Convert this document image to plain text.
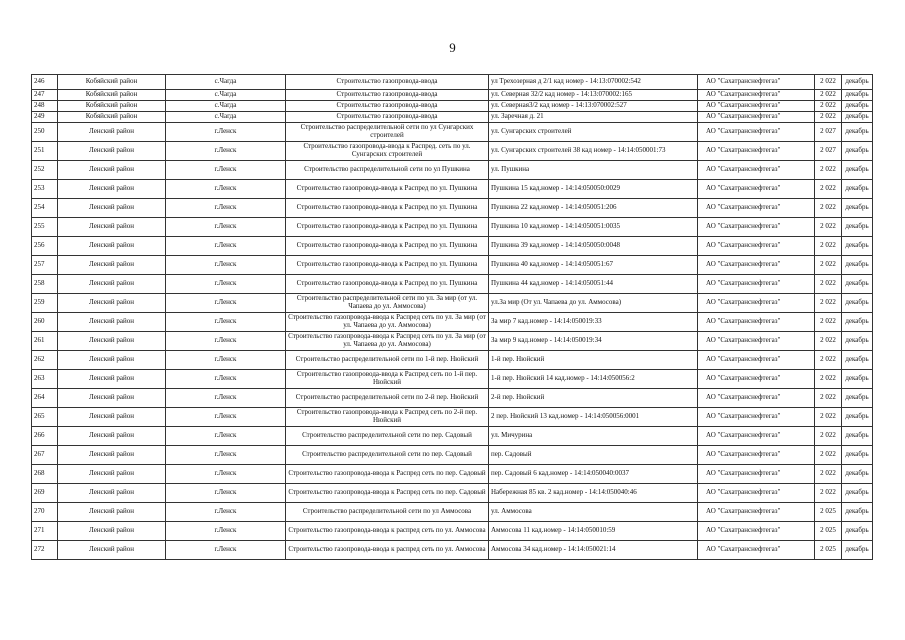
9
246	Кобяйский район	с.Чагда	Строительство газопровода-ввода	ул Трехозерная д 2/1 кад номер - 14:13:070002:542	АО "Сахатранснефтегаз"	2 022	декабрь
247	Кобяйский район	с.Чагда	Строительство газопровода-ввода	ул. Северная 32/2 кад номер - 14:13:070002:165	АО "Сахатранснефтегаз"	2 022	декабрь
248	Кобяйский район	с.Чагда	Строительство газопровода-ввода	ул. Северная3/2 кад номер - 14:13:070002:527	АО "Сахатранснефтегаз"	2 022	декабрь
249	Кобяйский район	с.Чагда	Строительство газопровода-ввода	ул. Заречная д. 21	АО "Сахатранснефтегаз"	2 022	декабрь
250	Ленский район	г.Ленск	Строительство распределительной сети по ул Сунгарских строителей	ул. Сунгарских строителей	АО "Сахатранснефтегаз"	2 027	декабрь
251	Ленский район	г.Ленск	Строительство газопровода-ввода к Распред. сеть по ул. Сунгарских строителей	ул. Сунгарских строителей 38 кад номер - 14:14:050001:73	АО "Сахатранснефтегаз"	2 027	декабрь
252	Ленский район	г.Ленск	Строительство распределительной сети по ул Пушкина	ул. Пушкина	АО "Сахатранснефтегаз"	2 022	декабрь
253	Ленский район	г.Ленск	Строительство газопровода-ввода к Распред по ул. Пушкина	Пушкина 15 кад.номер - 14:14:050050:0029	АО "Сахатранснефтегаз"	2 022	декабрь
254	Ленский район	г.Ленск	Строительство газопровода-ввода к Распред по ул. Пушкина	Пушкина 22 кад.номер - 14:14:050051:206	АО "Сахатранснефтегаз"	2 022	декабрь
255	Ленский район	г.Ленск	Строительство газопровода-ввода к Распред по ул. Пушкина	Пушкина 10 кад.номер - 14:14:050051:0035	АО "Сахатранснефтегаз"	2 022	декабрь
256	Ленский район	г.Ленск	Строительство газопровода-ввода к Распред по ул. Пушкина	Пушкина 39 кад.номер - 14:14:050050:0048	АО "Сахатранснефтегаз"	2 022	декабрь
257	Ленский район	г.Ленск	Строительство газопровода-ввода к Распред по ул. Пушкина	Пушкина 40 кад.номер - 14:14:050051:67	АО "Сахатранснефтегаз"	2 022	декабрь
258	Ленский район	г.Ленск	Строительство газопровода-ввода к Распред по ул. Пушкина	Пушкина 44 кад.номер - 14:14:050051:44	АО "Сахатранснефтегаз"	2 022	декабрь
259	Ленский район	г.Ленск	Строительство распределительной сети по ул. За мир (от ул. Чапаева до ул. Аммосова)	ул.За мир (От ул. Чапаева до ул. Аммосова)	АО "Сахатранснефтегаз"	2 022	декабрь
260	Ленский район	г.Ленск	Строительство газопровода-ввода к Распред сеть по ул. За мир (от ул. Чапаева до ул. Аммосова)	За мир 7 кад.номер - 14:14:050019:33	АО "Сахатранснефтегаз"	2 022	декабрь
261	Ленский район	г.Ленск	Строительство газопровода-ввода к Распред сеть по ул. За мир (от ул. Чапаева до ул. Аммосова)	За мир 9 кад.номер - 14:14:050019:34	АО "Сахатранснефтегаз"	2 022	декабрь
262	Ленский район	г.Ленск	Строительство распределительной сети по 1-й пер. Нюйский	1-й пер. Нюйский	АО "Сахатранснефтегаз"	2 022	декабрь
263	Ленский район	г.Ленск	Строительство газопровода-ввода к Распред сеть по 1-й пер. Нюйский	1-й пер. Нюйский 14 кад.номер - 14:14:050056:2	АО "Сахатранснефтегаз"	2 022	декабрь
264	Ленский район	г.Ленск	Строительство распределительной сети по 2-й пер. Нюйский	2-й пер. Нюйский	АО "Сахатранснефтегаз"	2 022	декабрь
265	Ленский район	г.Ленск	Строительство газопровода-ввода к Распред сеть по 2-й пер. Нюйский	2 пер. Нюйский 13 кад.номер - 14:14:050056:0001	АО "Сахатранснефтегаз"	2 022	декабрь
266	Ленский район	г.Ленск	Строительство распределительной сети по пер. Садовый	ул. Мичурина	АО "Сахатранснефтегаз"	2 022	декабрь
267	Ленский район	г.Ленск	Строительство распределительной сети по пер. Садовый	пер. Садовый	АО "Сахатранснефтегаз"	2 022	декабрь
268	Ленский район	г.Ленск	Строительство газопровода-ввода к Распред сеть по пер. Садовый	пер. Садовый 6 кад.номер - 14:14:050040:0037	АО "Сахатранснефтегаз"	2 022	декабрь
269	Ленский район	г.Ленск	Строительство газопровода-ввода к Распред сеть по пер. Садовый	Набережная 85 кв. 2 кад.номер - 14:14:050040:46	АО "Сахатранснефтегаз"	2 022	декабрь
270	Ленский район	г.Ленск	Строительство распределительной сети по ул Аммосова	ул. Аммосова	АО "Сахатранснефтегаз"	2 025	декабрь
271	Ленский район	г.Ленск	Строительство газопровода-ввода к распред сеть по ул. Аммосова	Аммосова 11 кад.номер - 14:14:050010:59	АО "Сахатранснефтегаз"	2 025	декабрь
272	Ленский район	г.Ленск	Строительство газопровода-ввода к распред сеть по ул. Аммосова	Аммосова 34 кад.номер - 14:14:050021:14	АО "Сахатранснефтегаз"	2 025	декабрь
